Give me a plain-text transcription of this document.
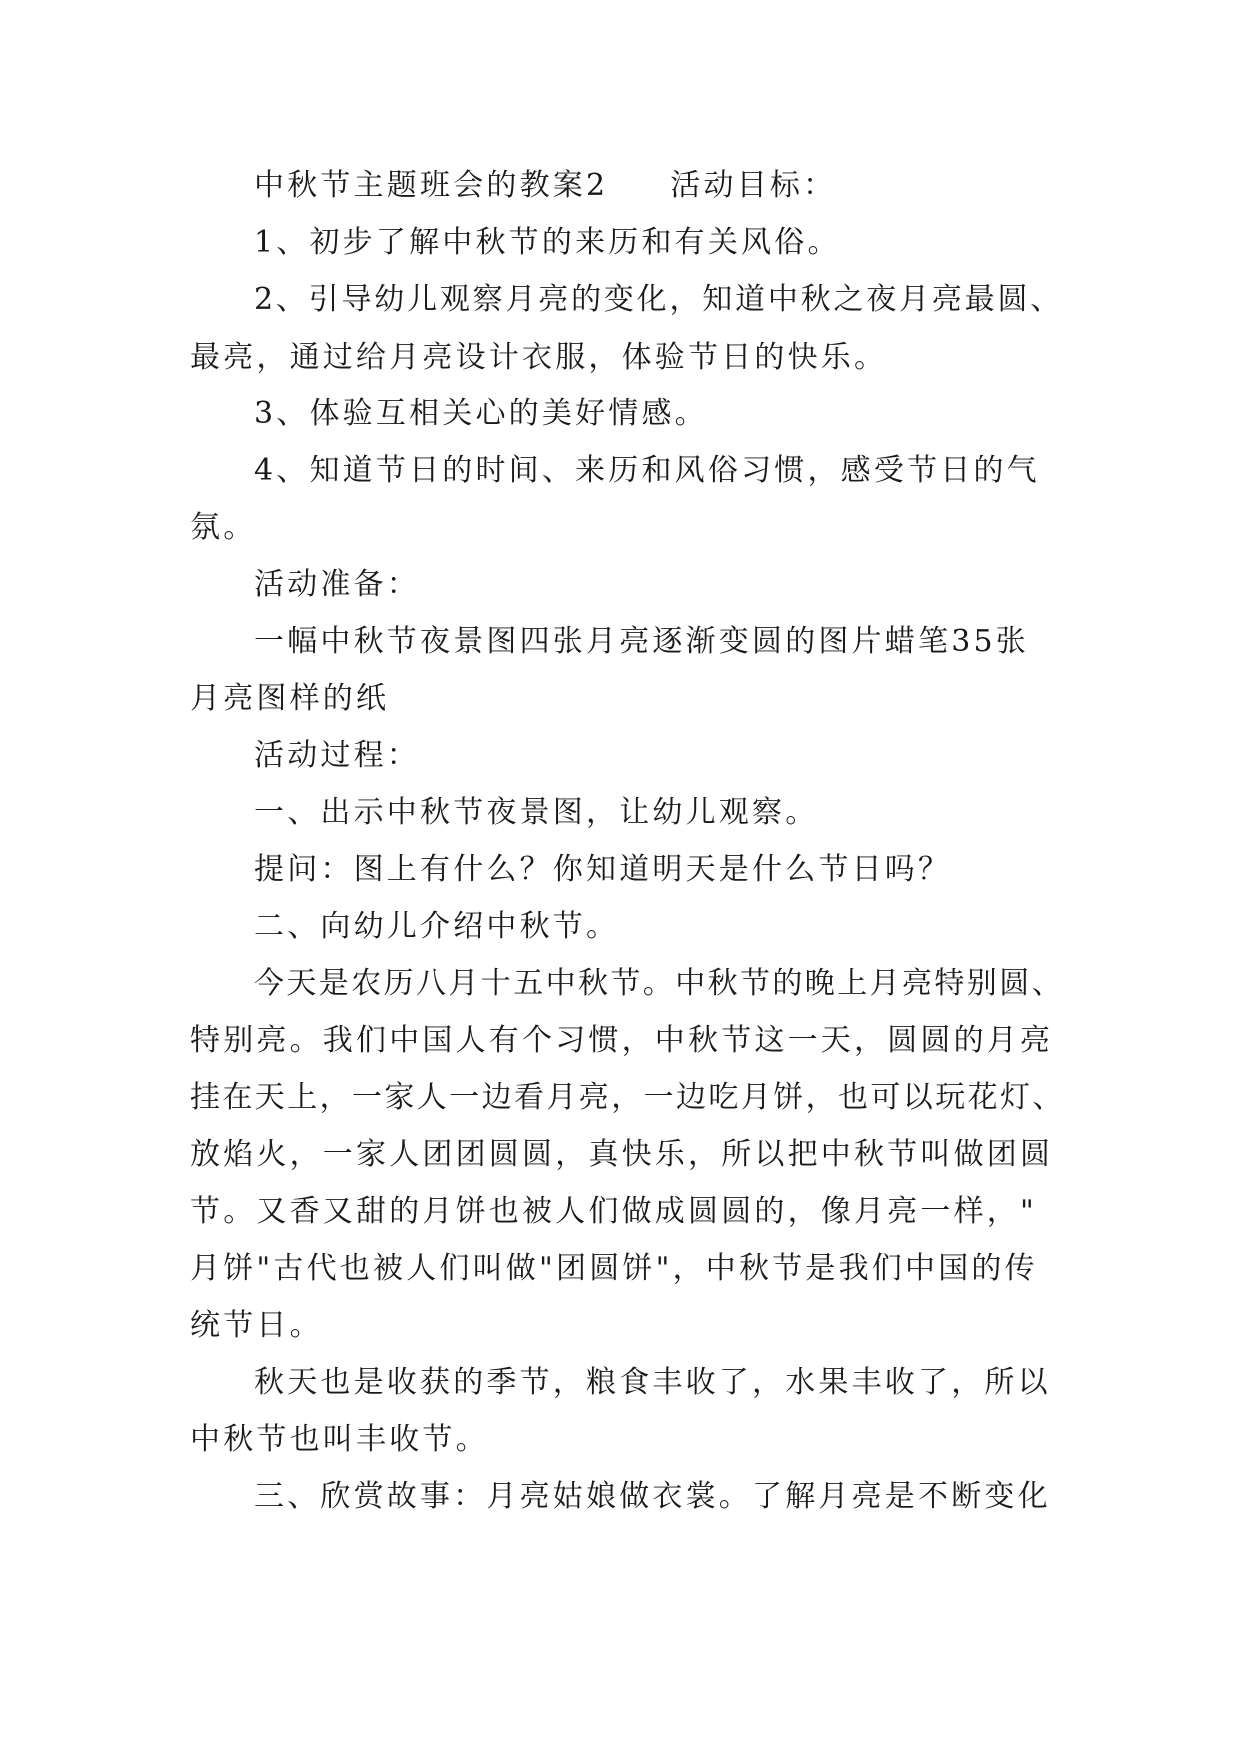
中秋节主题班会的教案2 活动目标：
1、初步了解中秋节的来历和有关风俗。
2、引导幼儿观察月亮的变化，知道中秋之夜月亮最圆、
最亮，通过给月亮设计衣服，体验节日的快乐。
3、体验互相关心的美好情感。
4、知道节日的时间、来历和风俗习惯，感受节日的气
氛。
活动准备：
一幅中秋节夜景图四张月亮逐渐变圆的图片蜡笔35张
月亮图样的纸
活动过程：
一、出示中秋节夜景图，让幼儿观察。
提问：图上有什么？你知道明天是什么节日吗？
二、向幼儿介绍中秋节。
今天是农历八月十五中秋节。中秋节的晚上月亮特别圆、
特别亮。我们中国人有个习惯，中秋节这一天，圆圆的月亮
挂在天上，一家人一边看月亮，一边吃月饼，也可以玩花灯、
放焰火，一家人团团圆圆，真快乐，所以把中秋节叫做团圆
节。又香又甜的月饼也被人们做成圆圆的，像月亮一样，"
月饼"古代也被人们叫做"团圆饼"，中秋节是我们中国的传
统节日。
秋天也是收获的季节，粮食丰收了，水果丰收了，所以
中秋节也叫丰收节。
三、欣赏故事：月亮姑娘做衣裳。了解月亮是不断变化
